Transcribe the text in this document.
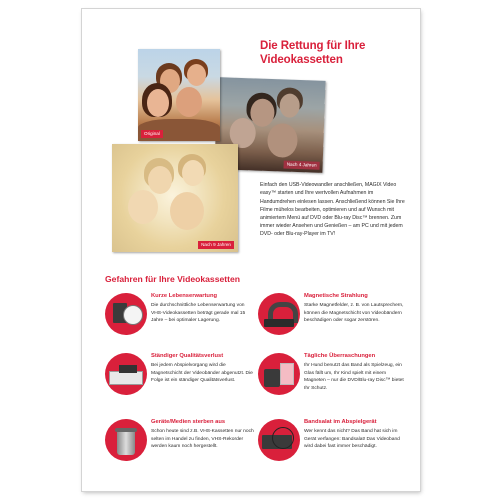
Die Rettung für Ihre
Videokassetten
Nach 4 Jahren
Original
Nach 9 Jahren

Einfach den USB-Videowandler anschließen, MAGIX Video easy™ starten und Ihre wertvollen Aufnahmen im Handumdrehen einlesen lassen. Anschließend können Sie Ihre Filme mühelos bearbeiten, optimieren und auf Wunsch mit animiertem Menü auf DVD oder Blu-ray Disc™ brennen. Zum immer wieder Ansehen und Genießen – am PC und mit jedem DVD- oder Blu-ray-Player im TV!

Gefahren für Ihre Videokassetten
Kurze Lebenserwartung

Die durchschnittliche Lebenserwartung von VHS-Videokassetten beträgt gerade mal 15 Jahre – bei optimaler Lagerung.

Magnetische Strahlung

Starke Magnetfelder, z. B. von Lautsprechern, können die Magnetschicht von Videobändern beschädigen oder sogar zerstören.

Ständiger Qualitätsverlust

Bei jedem Abspielvorgang wird die Magnetschicht der Videobänder abgenutzt. Die Folge ist ein ständiger Qualitätsverlust.

Tägliche Überraschungen

Ihr Hund benutzt das Band als Spielzeug, ein Glas fällt um, Ihr Kind spielt mit einem Magneten – nur die DVD/Blu-ray Disc™ bietet Ihr Schutz.

Geräte/Medien sterben aus

Schon heute sind z.B. VHS-Kassetten nur noch selten im Handel zu finden, VHS-Rekorder werden kaum noch hergestellt.

Bandsalat im Abspielgerät

Wer kennt das nicht? Das Band hat sich im Gerät verfangen: Bandsalat! Das Videoband wird dabei fast immer beschädigt.
